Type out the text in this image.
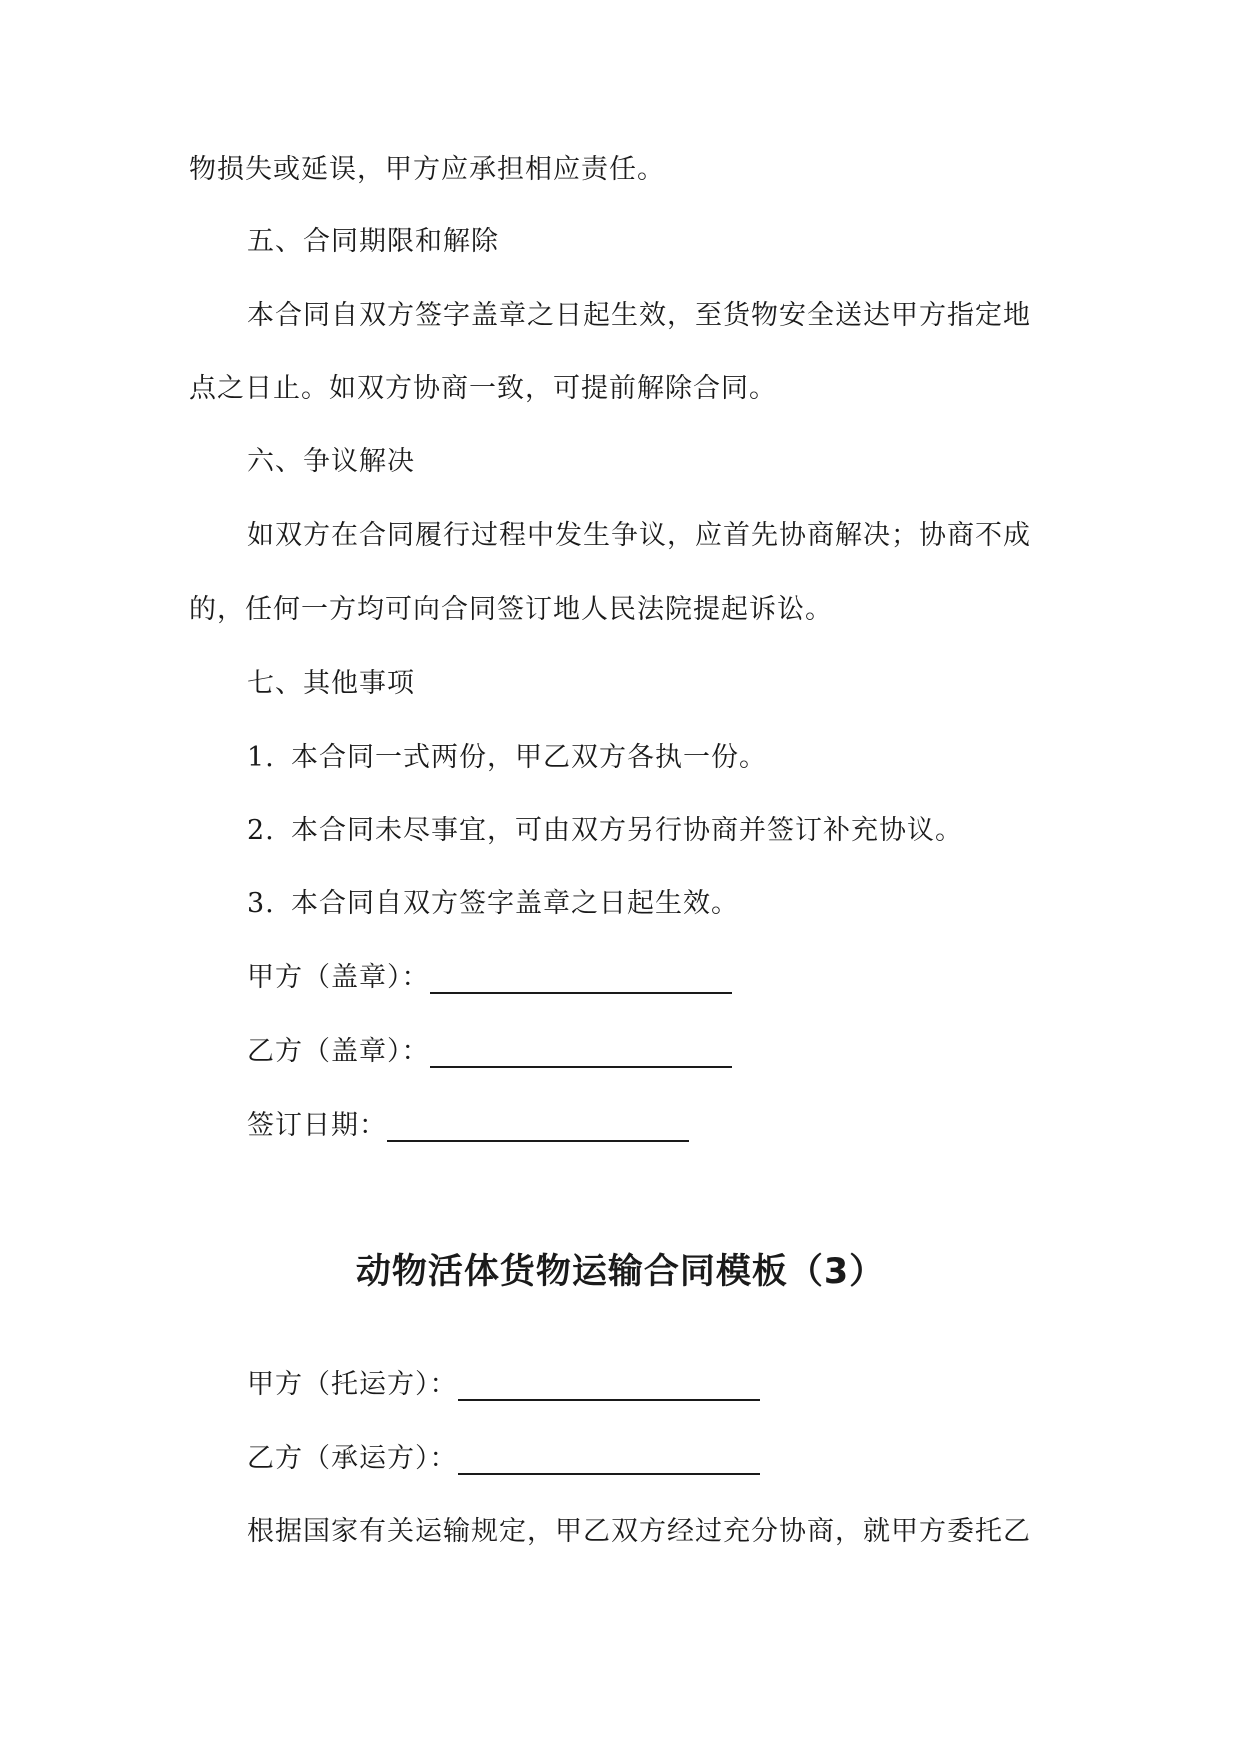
物损失或延误，甲方应承担相应责任。
五、合同期限和解除
本合同自双方签字盖章之日起生效，至货物安全送达甲方指定地
点之日止。如双方协商一致，可提前解除合同。
六、争议解决
如双方在合同履行过程中发生争议，应首先协商解决；协商不成
的，任何一方均可向合同签订地人民法院提起诉讼。
七、其他事项
1. 本合同一式两份，甲乙双方各执一份。
2. 本合同未尽事宜，可由双方另行协商并签订补充协议。
3. 本合同自双方签字盖章之日起生效。
甲方（盖章）：
乙方（盖章）：
签订日期：
动物活体货物运输合同模板（3）
甲方（托运方）：
乙方（承运方）：
根据国家有关运输规定，甲乙双方经过充分协商，就甲方委托乙
